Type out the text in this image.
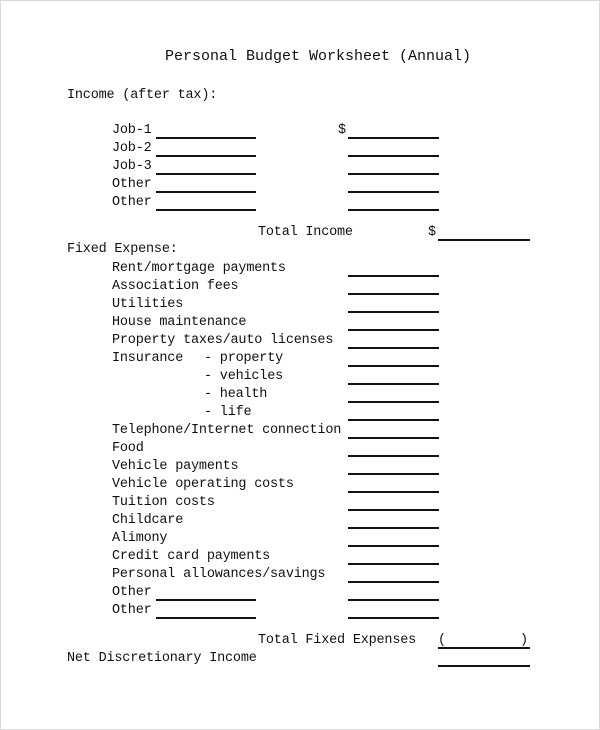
Personal Budget Worksheet (Annual)
Income (after tax):
Job-1	$
Job-2
Job-3
Other
Other
Total Income	$
Fixed Expense:
Rent/mortgage payments
Association fees
Utilities
House maintenance
Property taxes/auto licenses
Insurance - property
- vehicles
- health
- life
Telephone/Internet connection
Food
Vehicle payments
Vehicle operating costs
Tuition costs
Childcare
Alimony
Credit card payments
Personal allowances/savings
Other
Other
Total Fixed Expenses (	)
Net Discretionary Income
